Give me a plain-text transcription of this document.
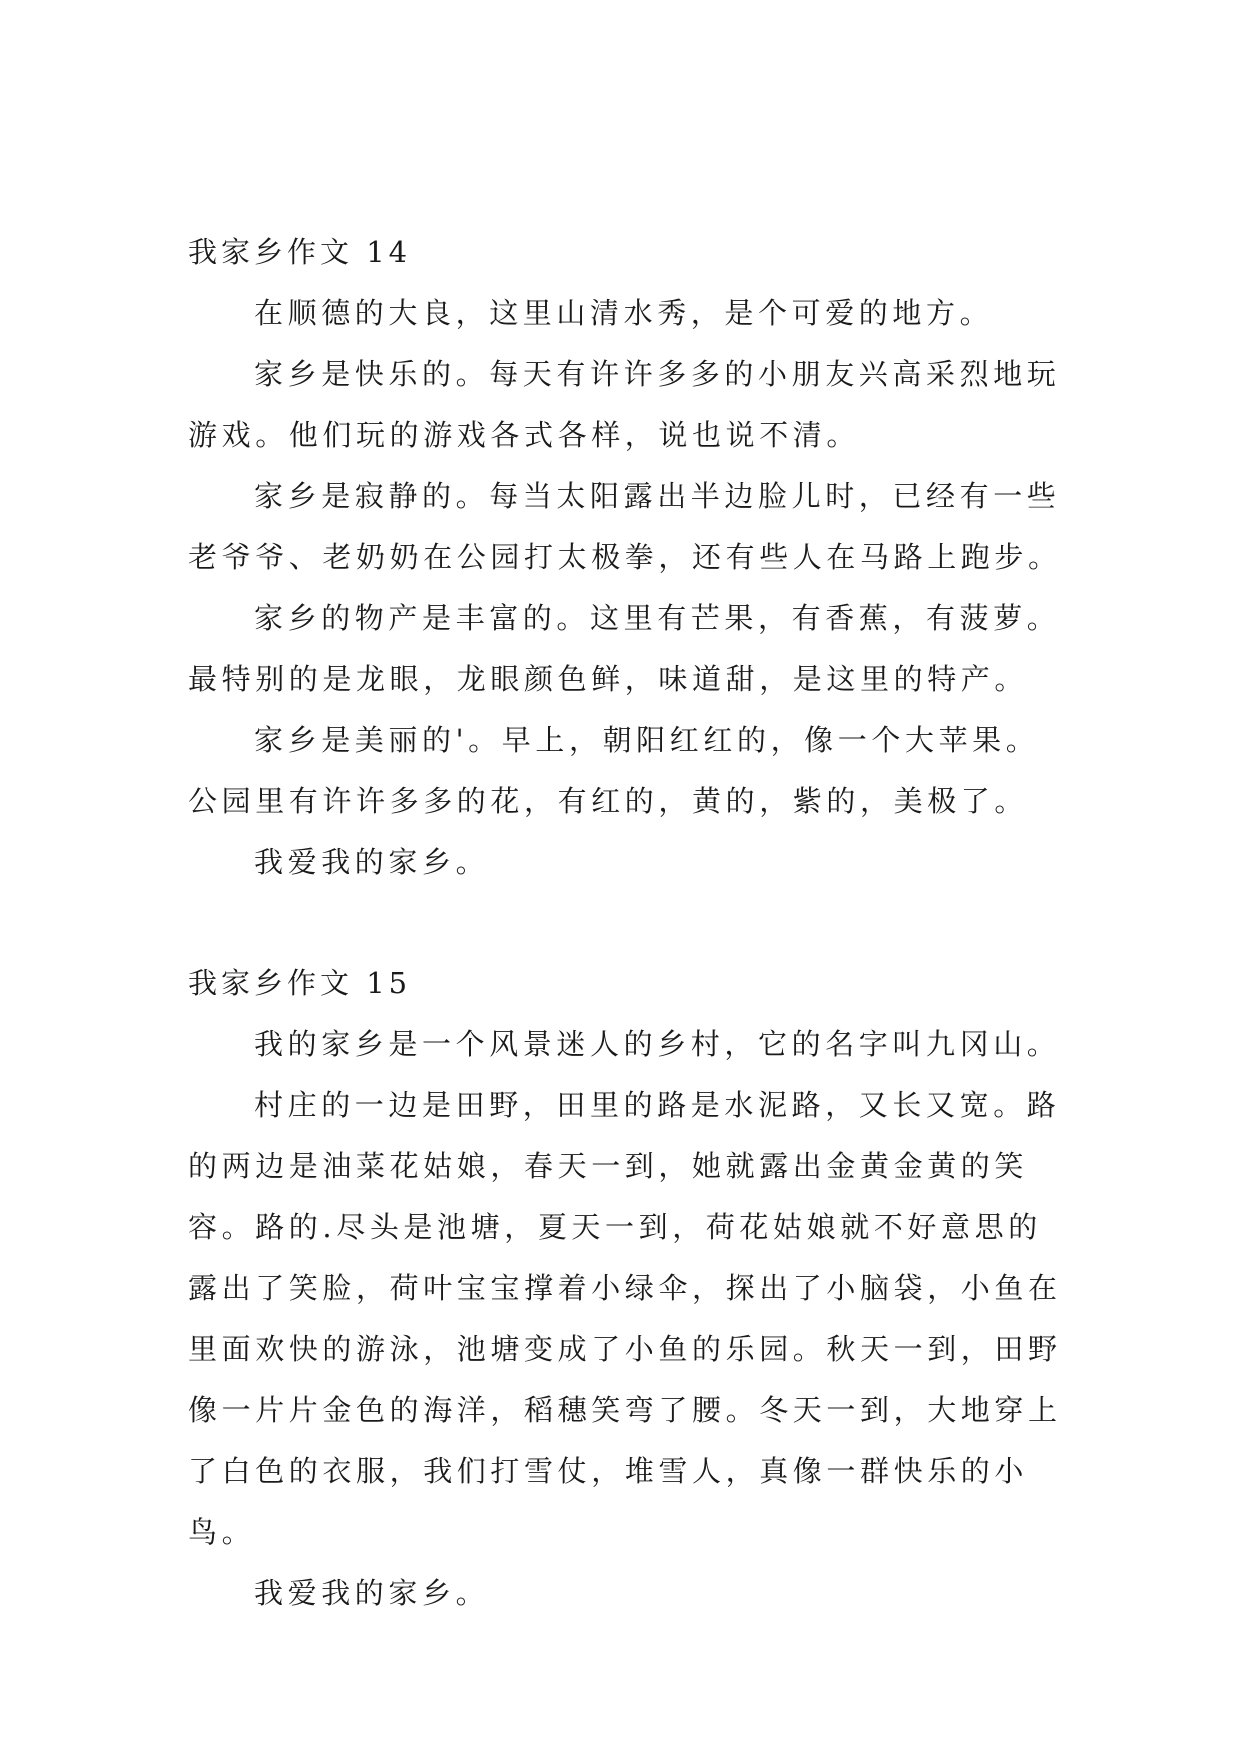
我家乡作文 14

在顺德的大良，这里山清水秀，是个可爱的地方。

家乡是快乐的。每天有许许多多的小朋友兴高采烈地玩游戏。他们玩的游戏各式各样，说也说不清。

家乡是寂静的。每当太阳露出半边脸儿时，已经有一些老爷爷、老奶奶在公园打太极拳，还有些人在马路上跑步。

家乡的物产是丰富的。这里有芒果，有香蕉，有菠萝。最特别的是龙眼，龙眼颜色鲜，味道甜，是这里的特产。

家乡是美丽的'。早上，朝阳红红的，像一个大苹果。公园里有许许多多的花，有红的，黄的，紫的，美极了。

我爱我的家乡。

我家乡作文 15

我的家乡是一个风景迷人的乡村，它的名字叫九冈山。

村庄的一边是田野，田里的路是水泥路，又长又宽。路的两边是油菜花姑娘，春天一到，她就露出金黄金黄的笑容。路的.尽头是池塘，夏天一到，荷花姑娘就不好意思的露出了笑脸，荷叶宝宝撑着小绿伞，探出了小脑袋，小鱼在里面欢快的游泳，池塘变成了小鱼的乐园。秋天一到，田野像一片片金色的海洋，稻穗笑弯了腰。冬天一到，大地穿上了白色的衣服，我们打雪仗，堆雪人，真像一群快乐的小鸟。

我爱我的家乡。
